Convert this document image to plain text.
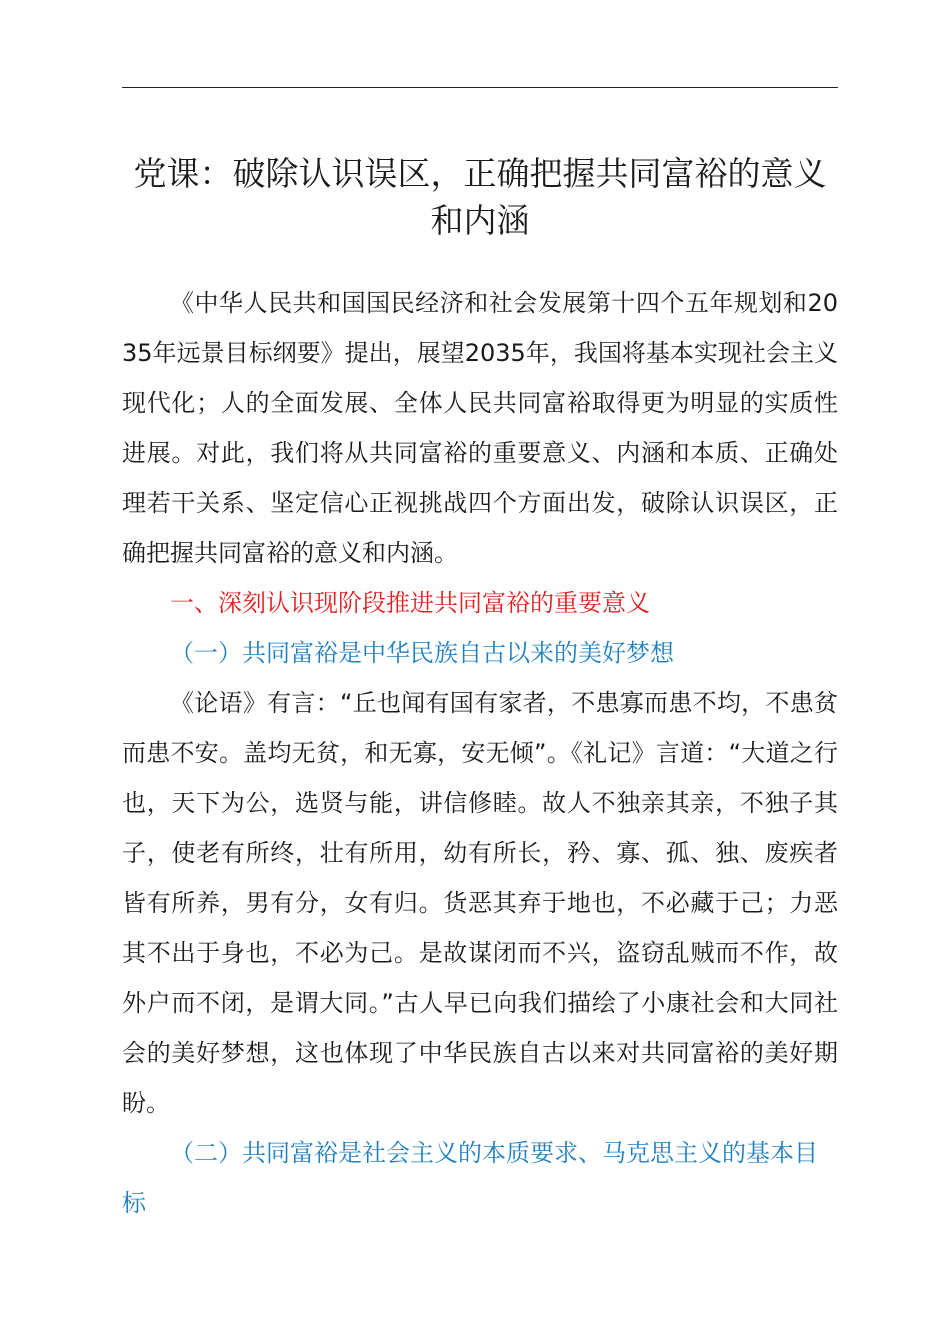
党课：破除认识误区，正确把握共同富裕的意义和内涵

《中华人民共和国国民经济和社会发展第十四个五年规划和2035年远景目标纲要》提出，展望2035年，我国将基本实现社会主义现代化；人的全面发展、全体人民共同富裕取得更为明显的实质性进展。对此，我们将从共同富裕的重要意义、内涵和本质、正确处理若干关系、坚定信心正视挑战四个方面出发，破除认识误区，正确把握共同富裕的意义和内涵。

一、深刻认识现阶段推进共同富裕的重要意义

（一）共同富裕是中华民族自古以来的美好梦想

《论语》有言：“丘也闻有国有家者，不患寡而患不均，不患贫而患不安。盖均无贫，和无寡，安无倾”。《礼记》言道：“大道之行也，天下为公，选贤与能，讲信修睦。故人不独亲其亲，不独子其子，使老有所终，壮有所用，幼有所长，矜、寡、孤、独、废疾者皆有所养，男有分，女有归。货恶其弃于地也，不必藏于己；力恶其不出于身也，不必为己。是故谋闭而不兴，盗窃乱贼而不作，故外户而不闭，是谓大同。”古人早已向我们描绘了小康社会和大同社会的美好梦想，这也体现了中华民族自古以来对共同富裕的美好期盼。

（二）共同富裕是社会主义的本质要求、马克思主义的基本目标
